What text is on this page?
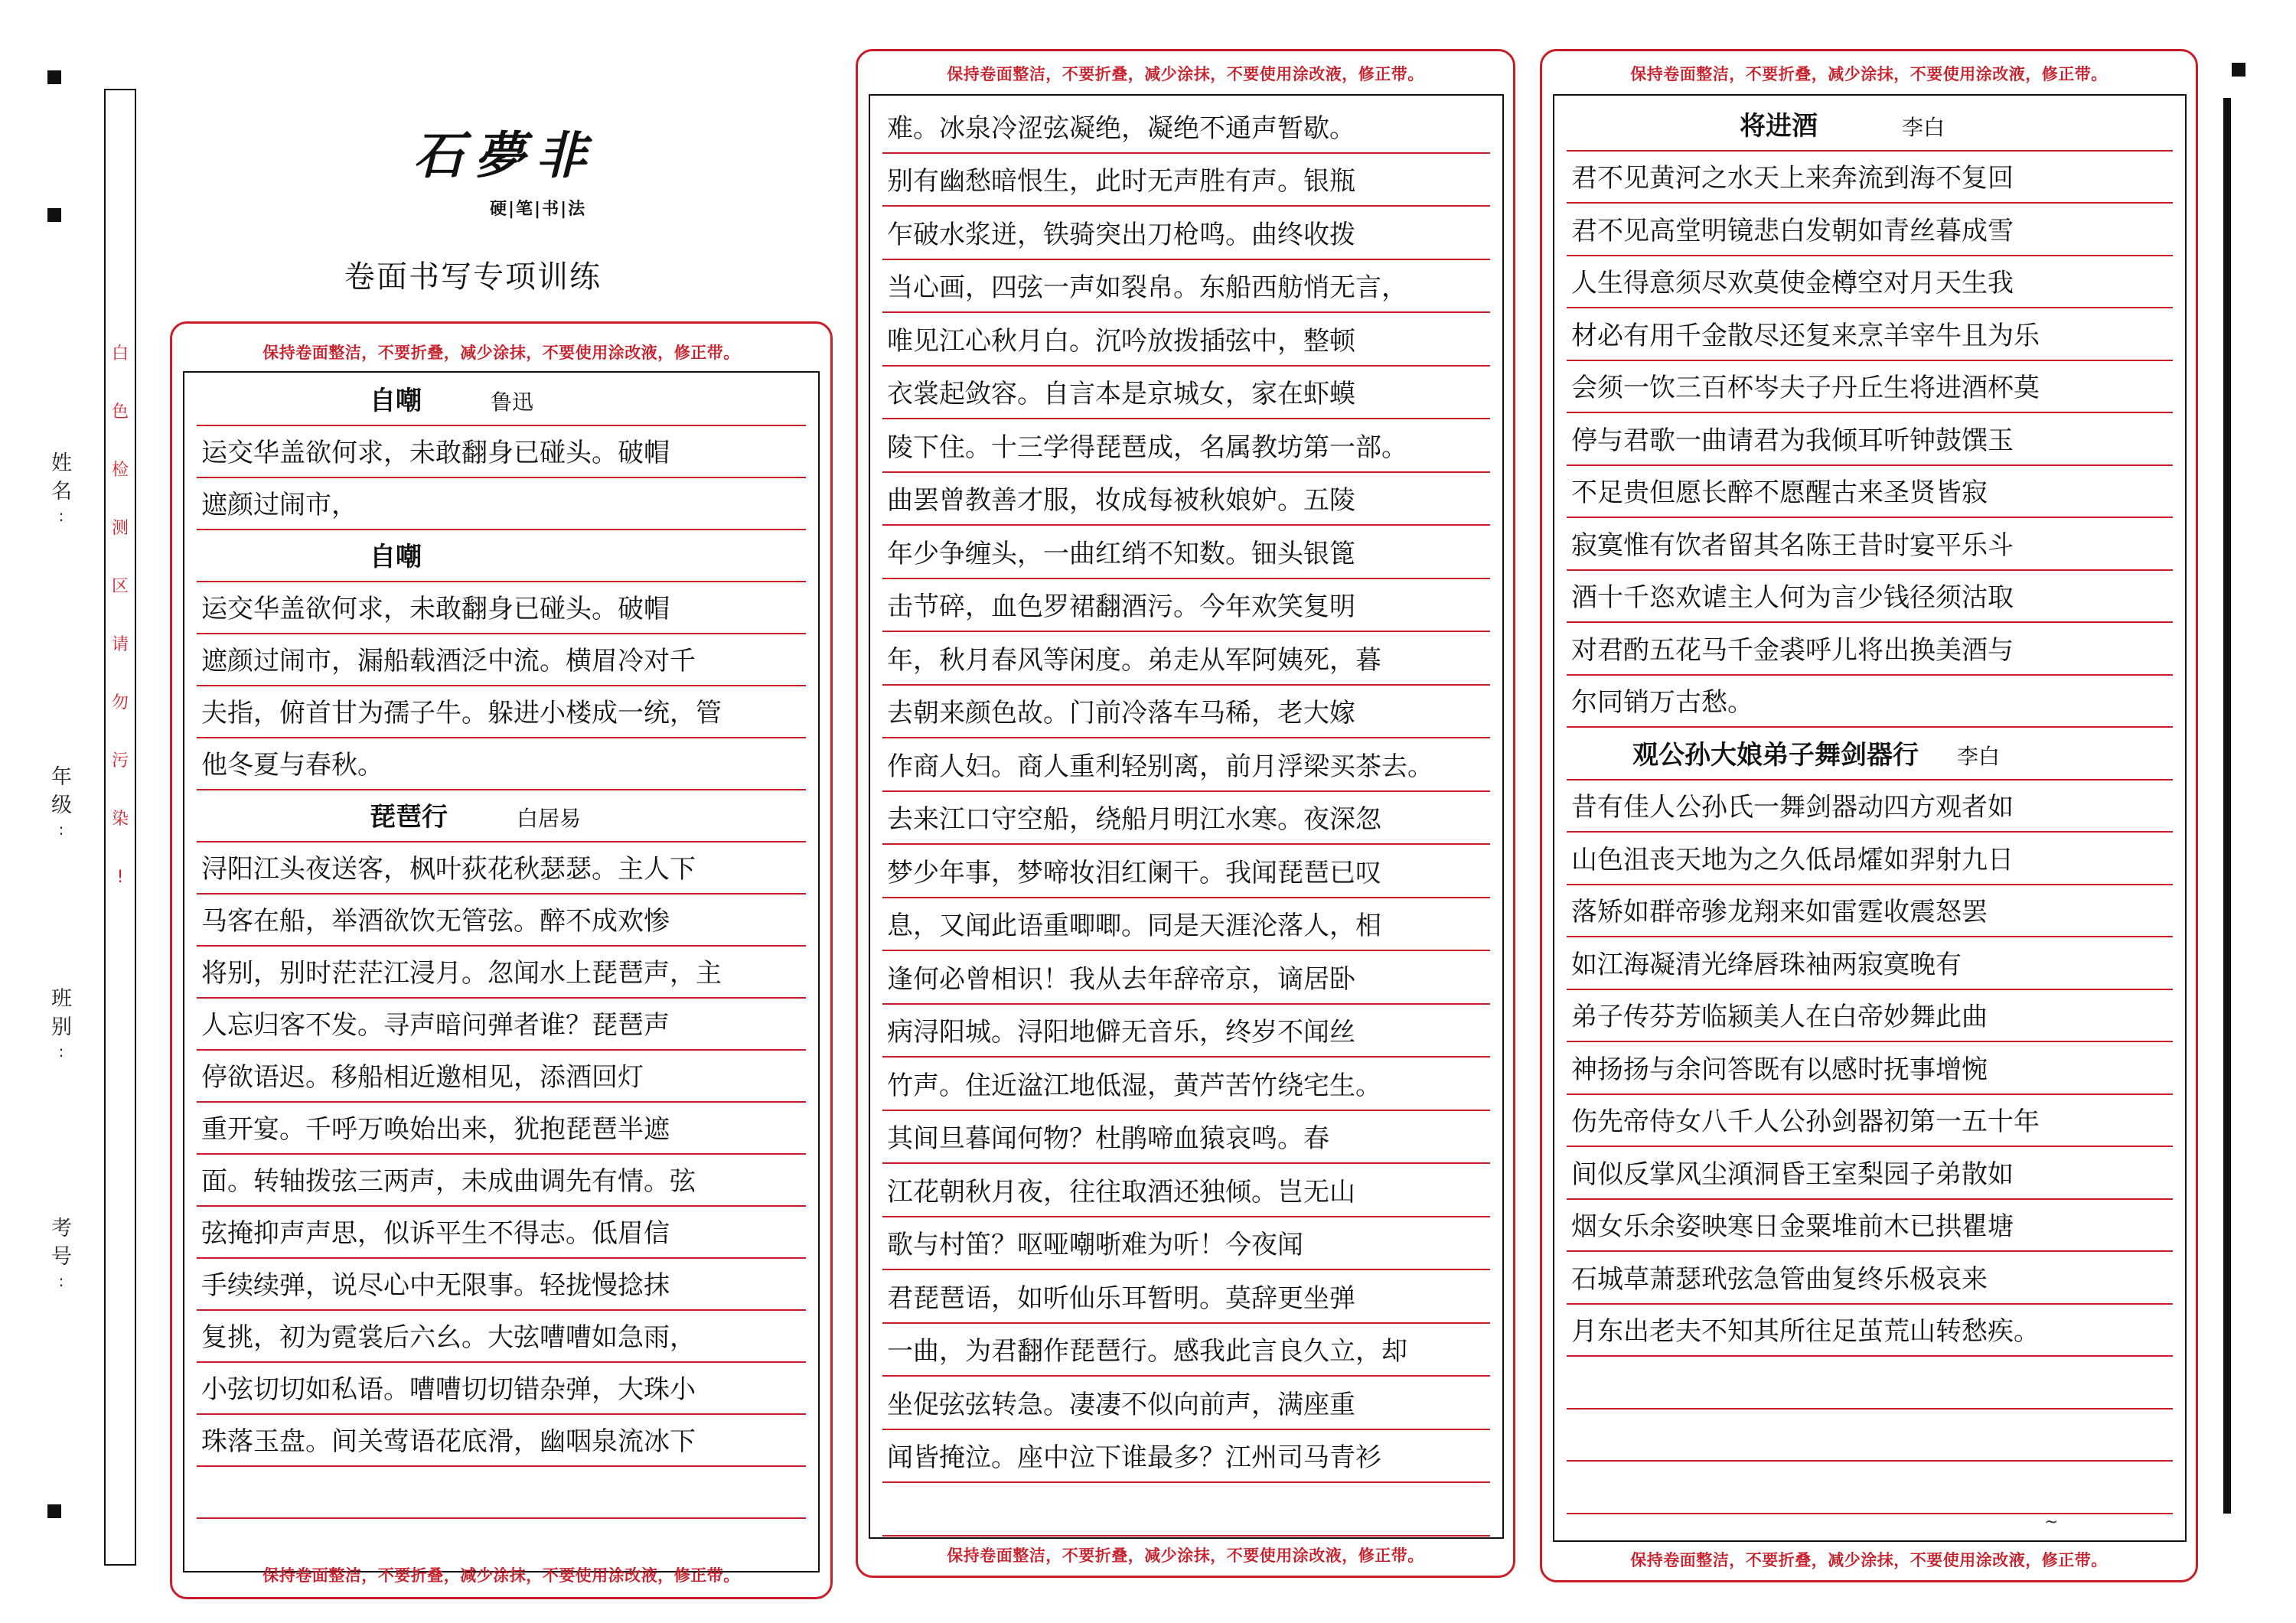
姓名
:
年级
:
班别
:
考号
:
白
色
检
测
区
请
勿
污
染
!
石夢非
硬|笔|书|法
卷面书写专项训练
保持卷面整洁，不要折叠，减少涂抹，不要使用涂改液，修正带。
自嘲	鲁迅
运交华盖欲何求，未敢翻身已碰头。破帽
遮颜过闹市，
自嘲
运交华盖欲何求，未敢翻身已碰头。破帽
遮颜过闹市，漏船载酒泛中流。横眉冷对千
夫指，俯首甘为孺子牛。躲进小楼成一统，管
他冬夏与春秋。
琵琶行	白居易
浔阳江头夜送客，枫叶荻花秋瑟瑟。主人下
马客在船，举酒欲饮无管弦。醉不成欢惨
将别，别时茫茫江浸月。忽闻水上琵琶声，主
人忘归客不发。寻声暗问弹者谁？琵琶声
停欲语迟。移船相近邀相见，添酒回灯
重开宴。千呼万唤始出来，犹抱琵琶半遮
面。转轴拨弦三两声，未成曲调先有情。弦
弦掩抑声声思，似诉平生不得志。低眉信
手续续弹，说尽心中无限事。轻拢慢捻抹
复挑，初为霓裳后六幺。大弦嘈嘈如急雨，
小弦切切如私语。嘈嘈切切错杂弹，大珠小
珠落玉盘。间关莺语花底滑，幽咽泉流冰下
保持卷面整洁，不要折叠，减少涂抹，不要使用涂改液，修正带。
保持卷面整洁，不要折叠，减少涂抹，不要使用涂改液，修正带。
难。冰泉冷涩弦凝绝，凝绝不通声暂歇。
别有幽愁暗恨生，此时无声胜有声。银瓶
乍破水浆迸，铁骑突出刀枪鸣。曲终收拨
当心画，四弦一声如裂帛。东船西舫悄无言，
唯见江心秋月白。沉吟放拨插弦中，整顿
衣裳起敛容。自言本是京城女，家在虾蟆
陵下住。十三学得琵琶成，名属教坊第一部。
曲罢曾教善才服，妆成每被秋娘妒。五陵
年少争缠头，一曲红绡不知数。钿头银篦
击节碎，血色罗裙翻酒污。今年欢笑复明
年，秋月春风等闲度。弟走从军阿姨死，暮
去朝来颜色故。门前冷落车马稀，老大嫁
作商人妇。商人重利轻别离，前月浮梁买茶去。
去来江口守空船，绕船月明江水寒。夜深忽
梦少年事，梦啼妆泪红阑干。我闻琵琶已叹
息，又闻此语重唧唧。同是天涯沦落人，相
逢何必曾相识！我从去年辞帝京，谪居卧
病浔阳城。浔阳地僻无音乐，终岁不闻丝
竹声。住近湓江地低湿，黄芦苦竹绕宅生。
其间旦暮闻何物？杜鹃啼血猿哀鸣。春
江花朝秋月夜，往往取酒还独倾。岂无山
歌与村笛？呕哑嘲哳难为听！今夜闻
君琵琶语，如听仙乐耳暂明。莫辞更坐弹
一曲，为君翻作琵琶行。感我此言良久立，却
坐促弦弦转急。凄凄不似向前声，满座重
闻皆掩泣。座中泣下谁最多？江州司马青衫
保持卷面整洁，不要折叠，减少涂抹，不要使用涂改液，修正带。
保持卷面整洁，不要折叠，减少涂抹，不要使用涂改液，修正带。
将进酒	李白
君不见黄河之水天上来奔流到海不复回
君不见高堂明镜悲白发朝如青丝暮成雪
人生得意须尽欢莫使金樽空对月天生我
材必有用千金散尽还复来烹羊宰牛且为乐
会须一饮三百杯岑夫子丹丘生将进酒杯莫
停与君歌一曲请君为我倾耳听钟鼓馔玉
不足贵但愿长醉不愿醒古来圣贤皆寂
寂寞惟有饮者留其名陈王昔时宴平乐斗
酒十千恣欢谑主人何为言少钱径须沽取
对君酌五花马千金裘呼儿将出换美酒与
尔同销万古愁。
观公孙大娘弟子舞剑器行 李白
昔有佳人公孙氏一舞剑器动四方观者如
山色沮丧天地为之久低昂㸌如羿射九日
落矫如群帝骖龙翔来如雷霆收震怒罢
如江海凝清光绛唇珠袖两寂寞晚有
弟子传芬芳临颍美人在白帝妙舞此曲
神扬扬与余问答既有以感时抚事增惋
伤先帝侍女八千人公孙剑器初第一五十年
间似反掌风尘澒洞昏王室梨园子弟散如
烟女乐余姿映寒日金粟堆前木已拱瞿塘
石城草萧瑟玳弦急管曲复终乐极哀来
月东出老夫不知其所往足茧荒山转愁疾。
~
保持卷面整洁，不要折叠，减少涂抹，不要使用涂改液，修正带。
